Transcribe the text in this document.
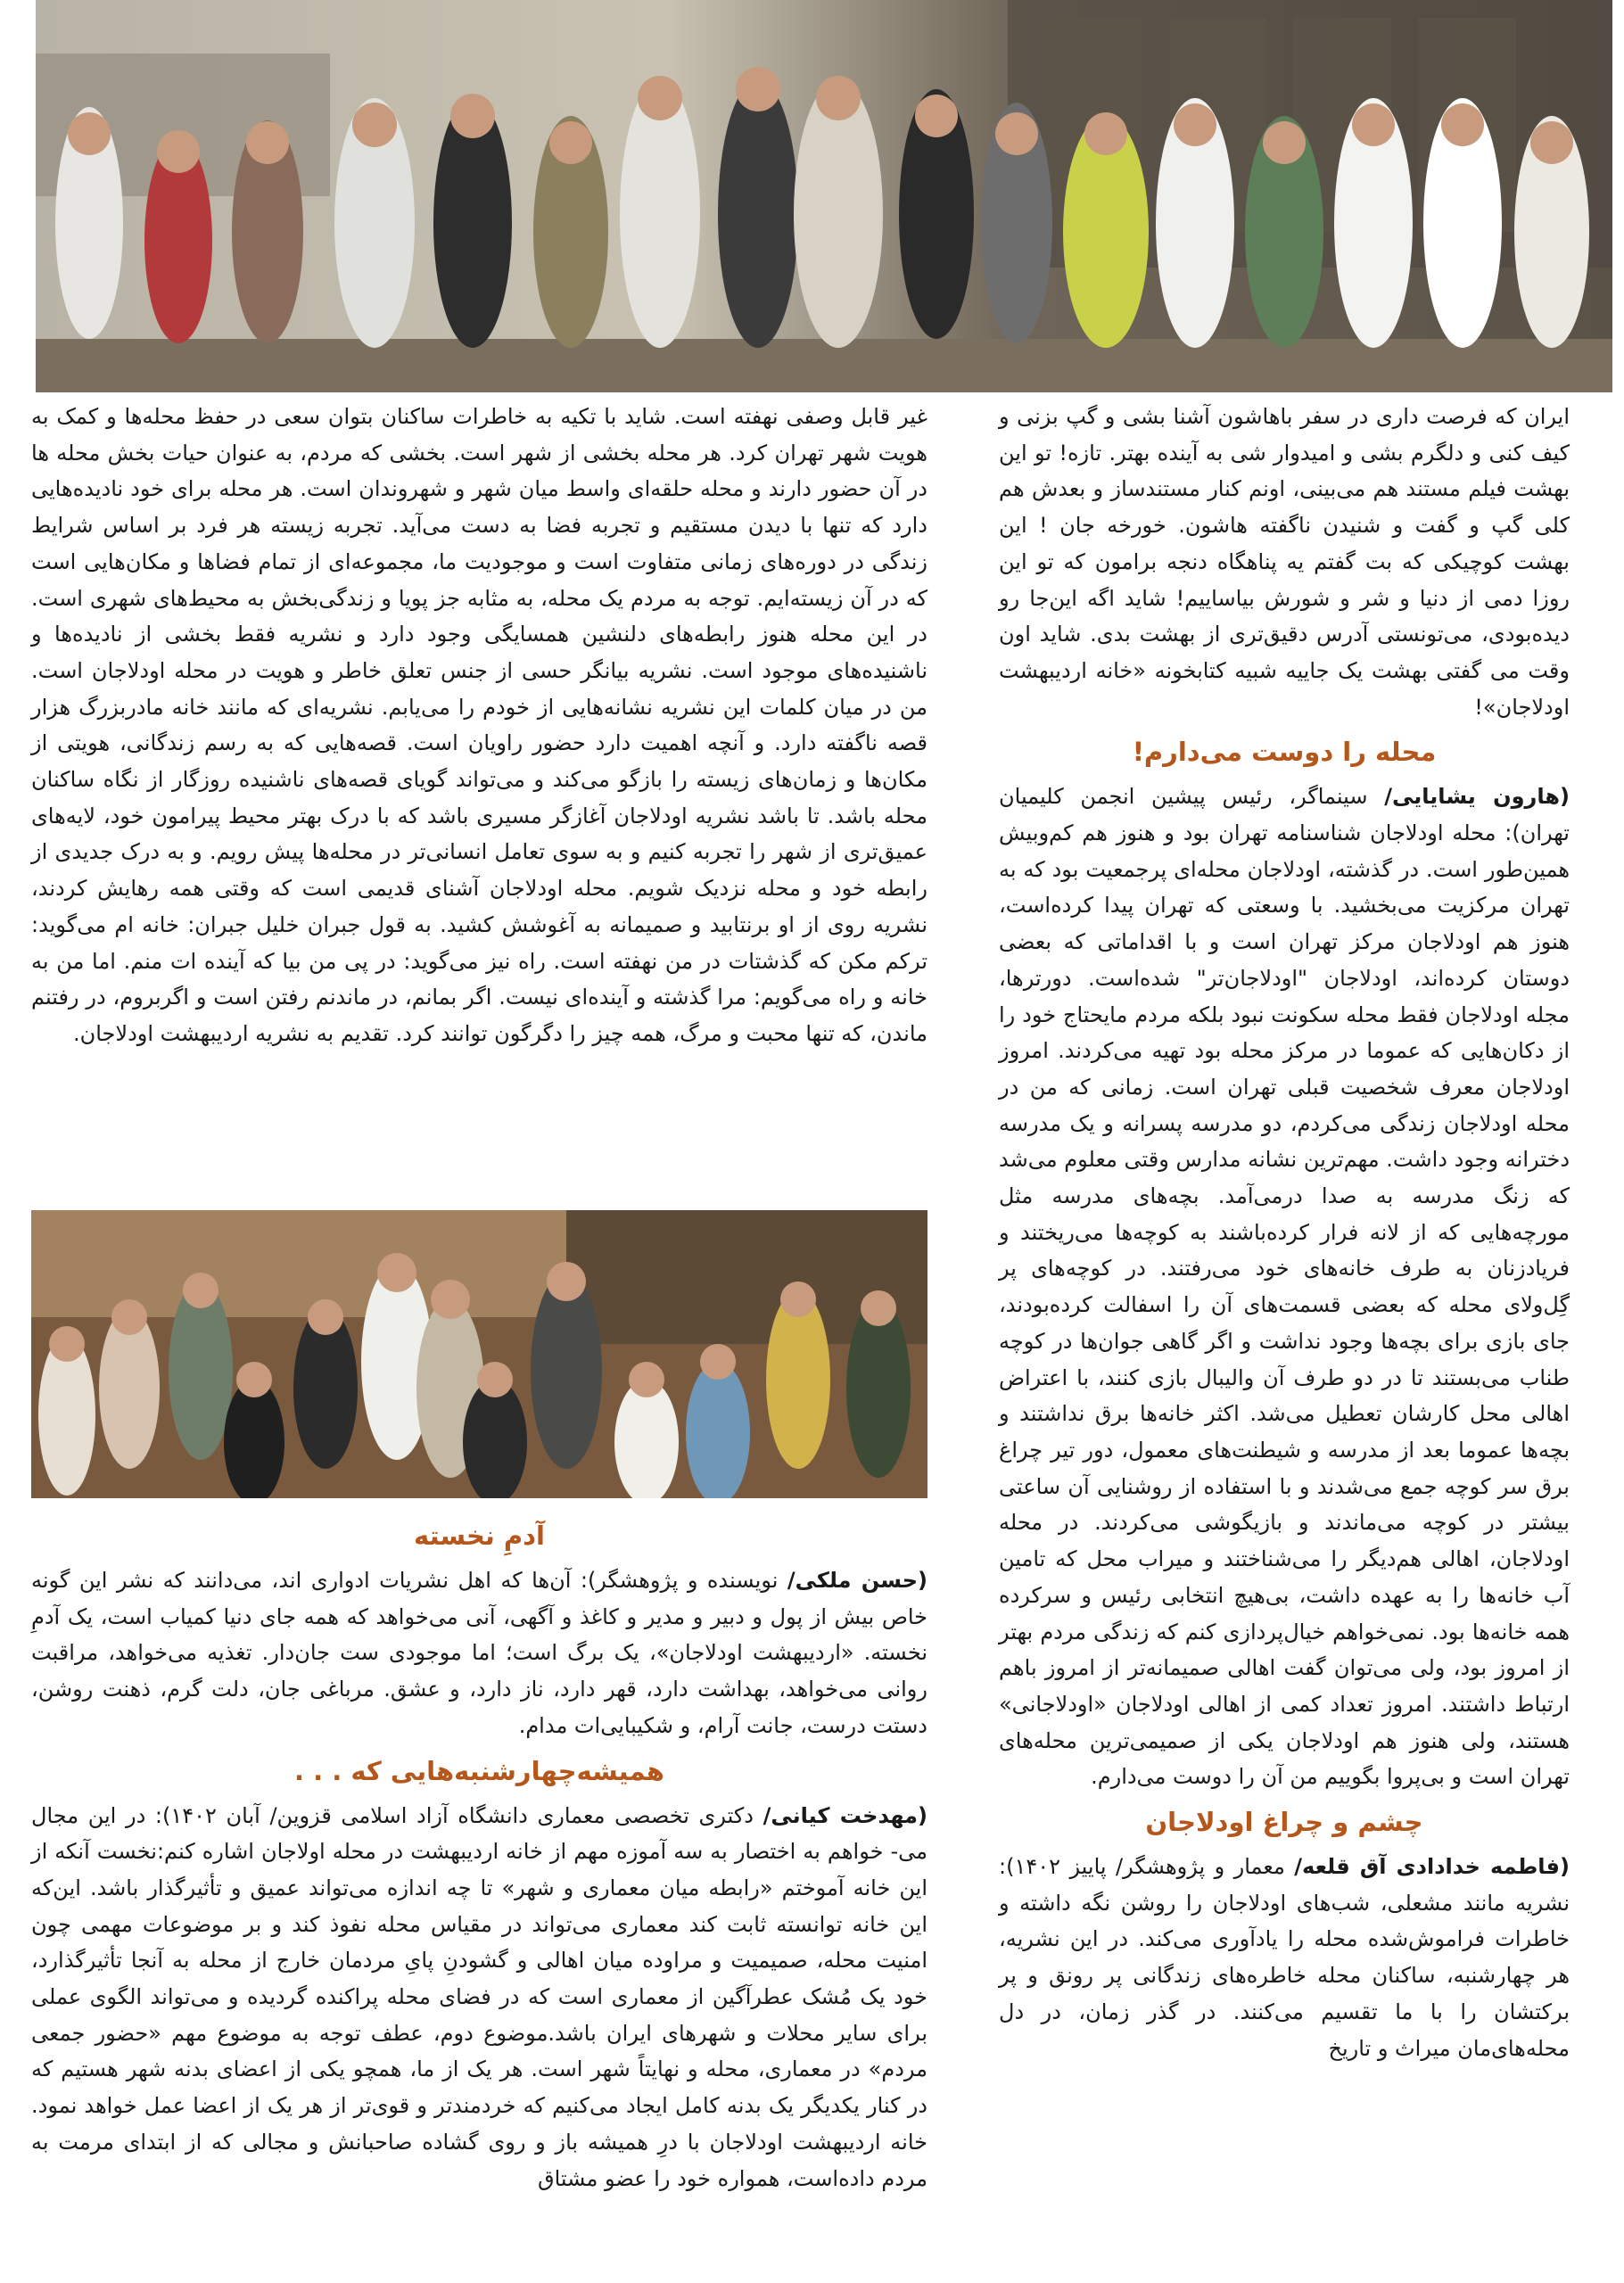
ایران که فرصت داری در سفر باهاشون آشنا بشی و گپ بزنی و کیف کنی و دلگرم بشی و امیدوار شی به آینده بهتر. تازه! تو این بهشت فیلم مستند هم می‌بینی، اونم کنار مستندساز و بعدش هم کلی گپ و گفت و شنیدن ناگفته هاشون. خورخه جان ! این بهشت کوچیکی که بت گفتم یه پناهگاه دنجه برامون که تو این روزا دمی از دنیا و شر و شورش بیاساییم! شاید اگه این‌جا رو دیده‌بودی، می‌تونستی آدرس دقیق‌تری از بهشت بدی. شاید اون وقت می گفتی بهشت یک جاییه شبیه کتابخونه «خانه اردیبهشت اودلاجان»!

محله را دوست می‌دارم!

(هارون یشایایی/ سینماگر، رئیس پیشین انجمن کلیمیان تهران): محله اودلاجان شناسنامه تهران بود و هنوز هم کم‌وبیش همین‌طور است. در گذشته، اودلاجان محله‌ای پرجمعیت بود که به تهران مرکزیت می‌بخشید. با وسعتی که تهران پیدا کرده‌است، هنوز هم اودلاجان مرکز تهران است و با اقداماتی که بعضی دوستان کرده‌اند، اودلاجان "اودلاجان‌تر" شده‌است. دورترها، مجله اودلاجان فقط محله سکونت نبود بلکه مردم مایحتاج خود را از دکان‌هایی که عموما در مرکز محله بود تهیه می‌کردند. امروز اودلاجان معرف شخصیت قبلی تهران است. زمانی که من در محله اودلاجان زندگی می‌کردم، دو مدرسه پسرانه و یک مدرسه دخترانه وجود داشت. مهم‌ترین نشانه مدارس وقتی معلوم می‌شد که زنگ مدرسه به صدا درمی‌آمد. بچه‌های مدرسه مثل مورچه‌هایی که از لانه فرار کرده‌باشند به کوچه‌ها می‌ریختند و فریادزنان به طرف خانه‌های خود می‌رفتند. در کوچه‌های پر گِل‌ولای محله که بعضی قسمت‌های آن را اسفالت کرده‌بودند، جای بازی برای بچه‌ها وجود نداشت و اگر گاهی جوان‌ها در کوچه طناب می‌بستند تا در دو طرف آن والیبال بازی کنند، با اعتراض اهالی محل کارشان تعطیل می‌شد. اکثر خانه‌ها برق نداشتند و بچه‌ها عموما بعد از مدرسه و شیطنت‌های معمول، دور تیر چراغ برق سر کوچه جمع می‌شدند و با استفاده از روشنایی آن ساعتی بیشتر در کوچه می‌ماندند و بازیگوشی می‌کردند. در محله اودلاجان، اهالی هم‌دیگر را می‌شناختند و میراب محل که تامین آب خانه‌ها را به عهده داشت، بی‌هیچ انتخابی رئیس و سرکرده همه خانه‌ها بود. نمی‌خواهم خیال‌پردازی کنم که زندگی مردم بهتر از امروز بود، ولی می‌توان گفت اهالی صمیمانه‌تر از امروز باهم ارتباط داشتند. امروز تعداد کمی از اهالی اودلاجان «اودلاجانی» هستند، ولی هنوز هم اودلاجان یکی از صمیمی‌ترین محله‌های تهران است و بی‌پروا بگوییم من آن را دوست می‌دارم.

چشم و چراغ اودلاجان

(فاطمه خدادادی آق قلعه/ معمار و پژوهشگر/ پاییز ۱۴۰۲): نشریه مانند مشعلی، شب‌های اودلاجان را روشن نگه داشته و خاطرات فراموش‌شده محله را یادآوری می‌کند. در این نشریه، هر چهارشنبه، ساکنان محله خاطره‌های زندگانی پر رونق و پر برکتشان را با ما تقسیم می‌کنند. در گذر زمان، در دل محله‌های‌مان میراث و تاریخ

غیر قابل وصفی نهفته است. شاید با تکیه به خاطرات ساکنان بتوان سعی در حفظ محله‌ها و کمک به هویت شهر تهران کرد. هر محله بخشی از شهر است. بخشی که مردم، به عنوان حیات بخش محله ها در آن حضور دارند و محله حلقه‌ای واسط میان شهر و شهروندان است. هر محله برای خود نادیده‌هایی دارد که تنها با دیدن مستقیم و تجربه فضا به دست می‌آید. تجربه زیسته هر فرد بر اساس شرایط زندگی در دوره‌های زمانی متفاوت است و موجودیت ما، مجموعه‌ای از تمام فضاها و مکان‌هایی است که در آن زیسته‌ایم. توجه به مردم یک محله، به مثابه جز پویا و زندگی‌بخش به محیط‌های شهری است. در این محله هنوز رابطه‌های دلنشین همسایگی وجود دارد و نشریه فقط بخشی از نادیده‌ها و ناشنیده‌های موجود است. نشریه بیانگر حسی از جنس تعلق خاطر و هویت در محله اودلاجان است. من در میان کلمات این نشریه نشانه‌هایی از خودم را می‌یابم. نشریه‌ای که مانند خانه مادربزرگ هزار قصه ناگفته دارد. و آنچه اهمیت دارد حضور راویان است. قصه‌هایی که به رسم زندگانی، هویتی از مکان‌ها و زمان‌های زیسته را بازگو می‌کند و می‌تواند گویای قصه‌های ناشنیده روزگار از نگاه ساکنان محله باشد. تا باشد نشریه اودلاجان آغازگر مسیری باشد که با درک بهتر محیط پیرامون خود، لایه‌های عمیق‌تری از شهر را تجربه کنیم و به سوی تعامل انسانی‌تر در محله‌ها پیش رویم. و به درک جدیدی از رابطه خود و محله نزدیک شویم. محله اودلاجان آشنای قدیمی است که وقتی همه رهایش کردند، نشریه روی از او برنتابید و صمیمانه به آغوشش کشید. به قول جبران خلیل جبران: خانه ام می‌گوید: ترکم مکن که گذشتات در من نهفته است. راه نیز می‌گوید: در پی من بیا که آینده ات منم. اما من به خانه و راه می‌گویم: مرا گذشته و آینده‌ای نیست. اگر بمانم، در ماندنم رفتن است و اگربروم، در رفتنم ماندن، که تنها محبت و مرگ، همه چیز را دگرگون توانند کرد. تقدیم به نشریه اردیبهشت اودلاجان.

آدمِ نخسته

(حسن ملکی/ نویسنده و پژوهشگر): آن‌ها که اهل نشریات ادواری اند، می‌دانند که نشر این گونه خاص بیش از پول و دبیر و مدیر و کاغذ و آگهی، آنی می‌خواهد که همه جای دنیا کمیاب است، یک آدمِ نخسته. «اردیبهشت اودلاجان»، یک برگ است؛ اما موجودی ست جان‌دار. تغذیه می‌خواهد، مراقبت روانی می‌خواهد، بهداشت دارد، قهر دارد، ناز دارد، و عشق. مرباغی جان، دلت گرم، ذهنت روشن، دستت درست، جانت آرام، و شکیبایی‌ات مدام.

همیشه‌چهارشنبه‌هایی که . . .

(مهدخت کیانی/ دکتری تخصصی معماری دانشگاه آزاد اسلامی قزوین/ آبان ۱۴۰۲): در این مجال می- خواهم به اختصار به سه آموزه مهم از خانه اردیبهشت در محله اولاجان اشاره کنم:نخست آنکه از این خانه آموختم «رابطه میان معماری و شهر» تا چه اندازه می‌تواند عمیق و تأثیرگذار باشد. این‌که این خانه توانسته ثابت کند معماری می‌تواند در مقیاس محله نفوذ کند و بر موضوعات مهمی چون امنیت محله، صمیمیت و مراوده میان اهالی و گشودنِ پایِ مردمان خارج از محله به آنجا تأثیرگذارد، خود یک مُشک عطرآگین از معماری است که در فضای محله پراکنده گردیده و می‌تواند الگوی عملی برای سایر محلات و شهرهای ایران باشد.موضوع دوم، عطف توجه به موضوع مهم «حضور جمعی مردم» در معماری، محله و نهایتاً شهر است. هر یک از ما، همچو یکی از اعضای بدنه شهر هستیم که در کنار یکدیگر یک بدنه کامل ایجاد می‌کنیم که خردمندتر و قوی‌تر از هر یک از اعضا عمل خواهد نمود. خانه اردیبهشت اودلاجان با درِ همیشه باز و روی گشاده صاحبانش و مجالی که از ابتدای مرمت به مردم داده‌است، همواره خود را عضو مشتاق
